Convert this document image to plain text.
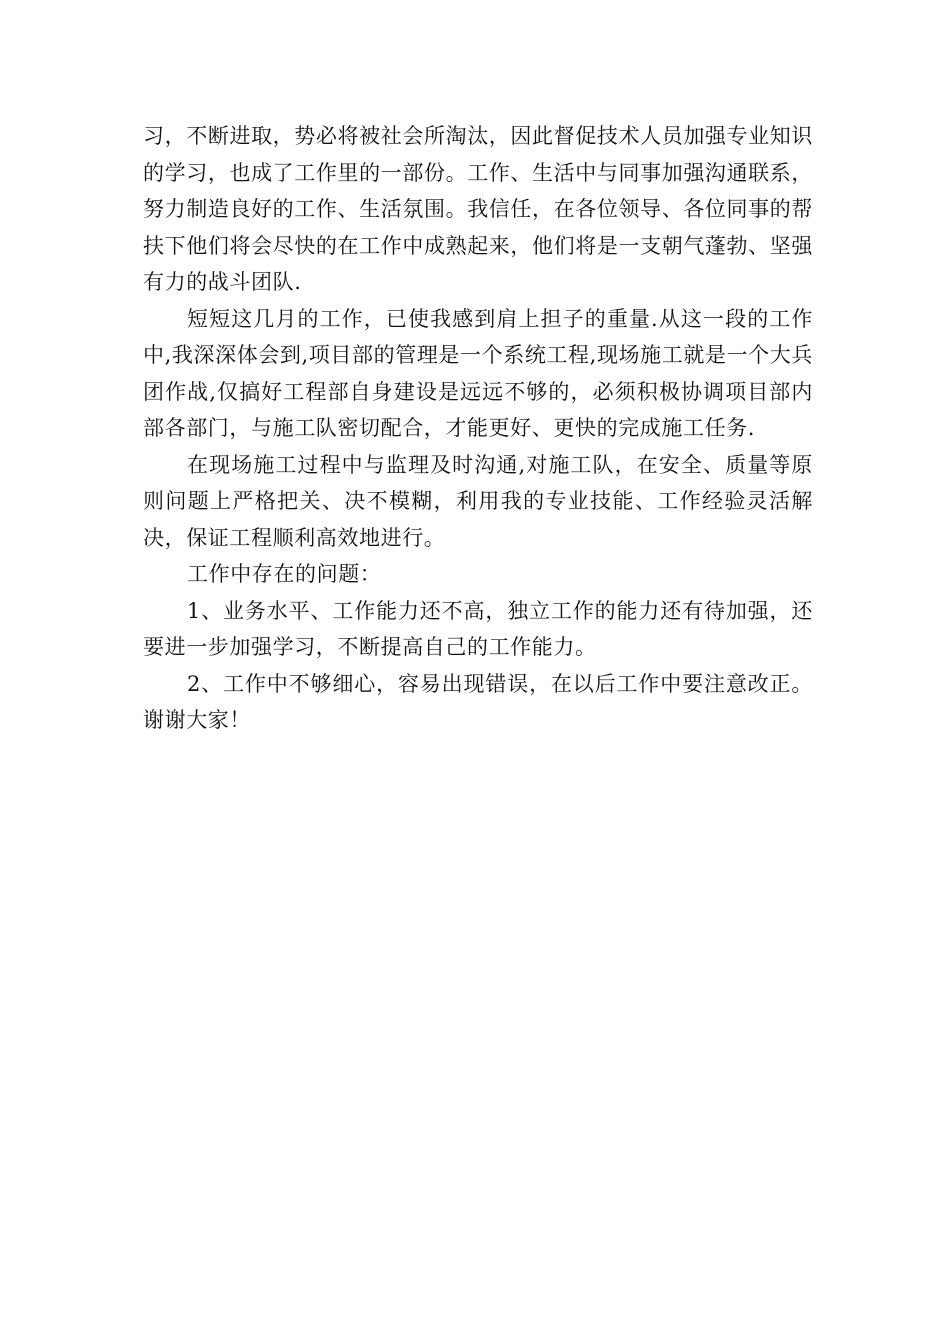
习，不断进取，势必将被社会所淘汰，因此督促技术人员加强专业知识的学习，也成了工作里的一部份。工作、生活中与同事加强沟通联系，努力制造良好的工作、生活氛围。我信任，在各位领导、各位同事的帮扶下他们将会尽快的在工作中成熟起来，他们将是一支朝气蓬勃、坚强有力的战斗团队.

短短这几月的工作，已使我感到肩上担子的重量.从这一段的工作中,我深深体会到,项目部的管理是一个系统工程,现场施工就是一个大兵团作战,仅搞好工程部自身建设是远远不够的，必须积极协调项目部内部各部门，与施工队密切配合，才能更好、更快的完成施工任务.

在现场施工过程中与监理及时沟通,对施工队，在安全、质量等原则问题上严格把关、决不模糊，利用我的专业技能、工作经验灵活解决，保证工程顺利高效地进行。

工作中存在的问题：

1、业务水平、工作能力还不高，独立工作的能力还有待加强，还要进一步加强学习，不断提高自己的工作能力。

2、工作中不够细心，容易出现错误，在以后工作中要注意改正。谢谢大家！
